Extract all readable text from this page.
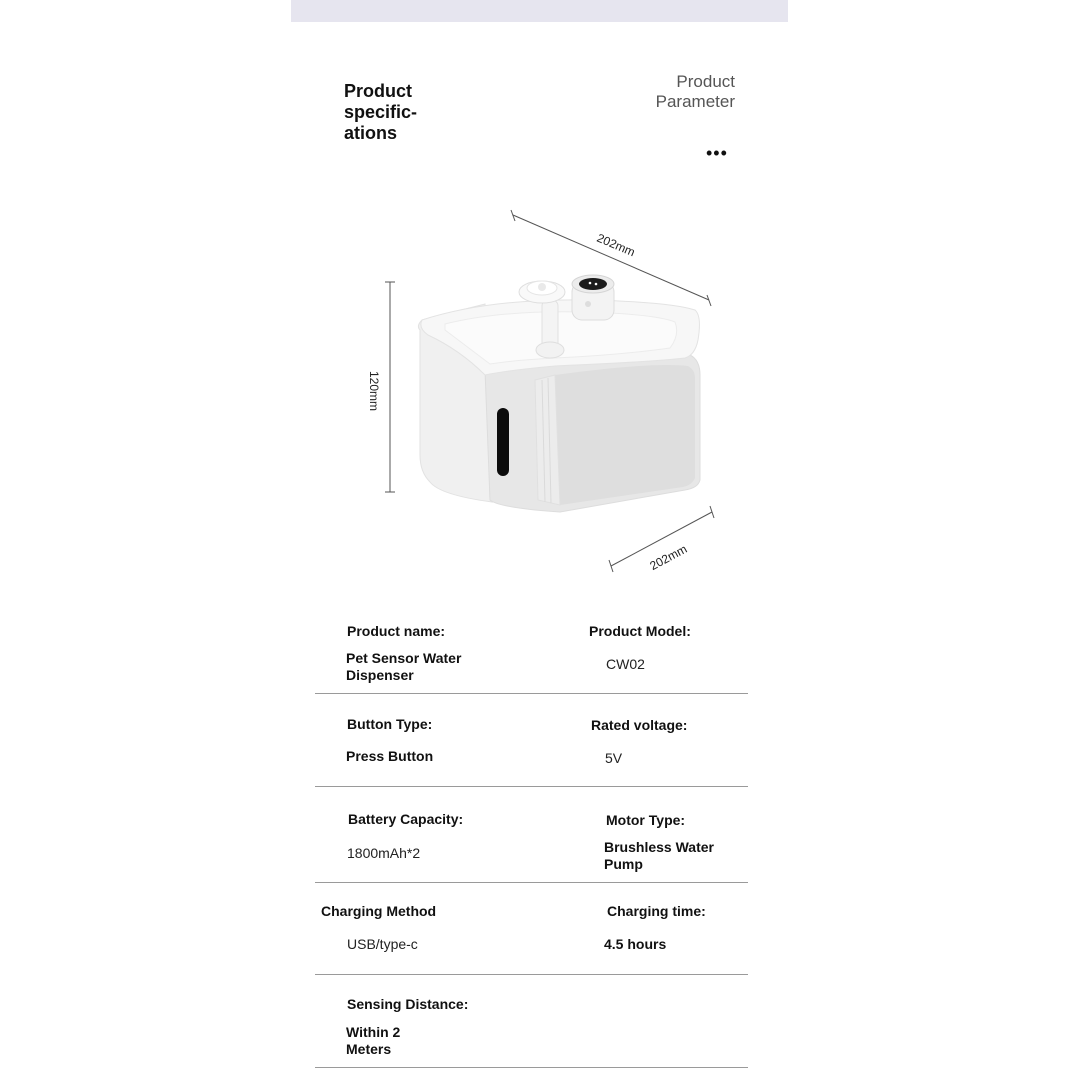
Product
specific-
ations
Product
Parameter
•••
202mm
120mm
202mm
Product name:
Pet Sensor Water
Dispenser
Product Model:
CW02
Button Type:
Press Button
Rated voltage:
5V
Battery Capacity:
1800mAh*2
Motor Type:
Brushless Water
Pump
Charging Method
USB/type-c
Charging time:
4.5 hours
Sensing Distance:
Within 2
Meters
